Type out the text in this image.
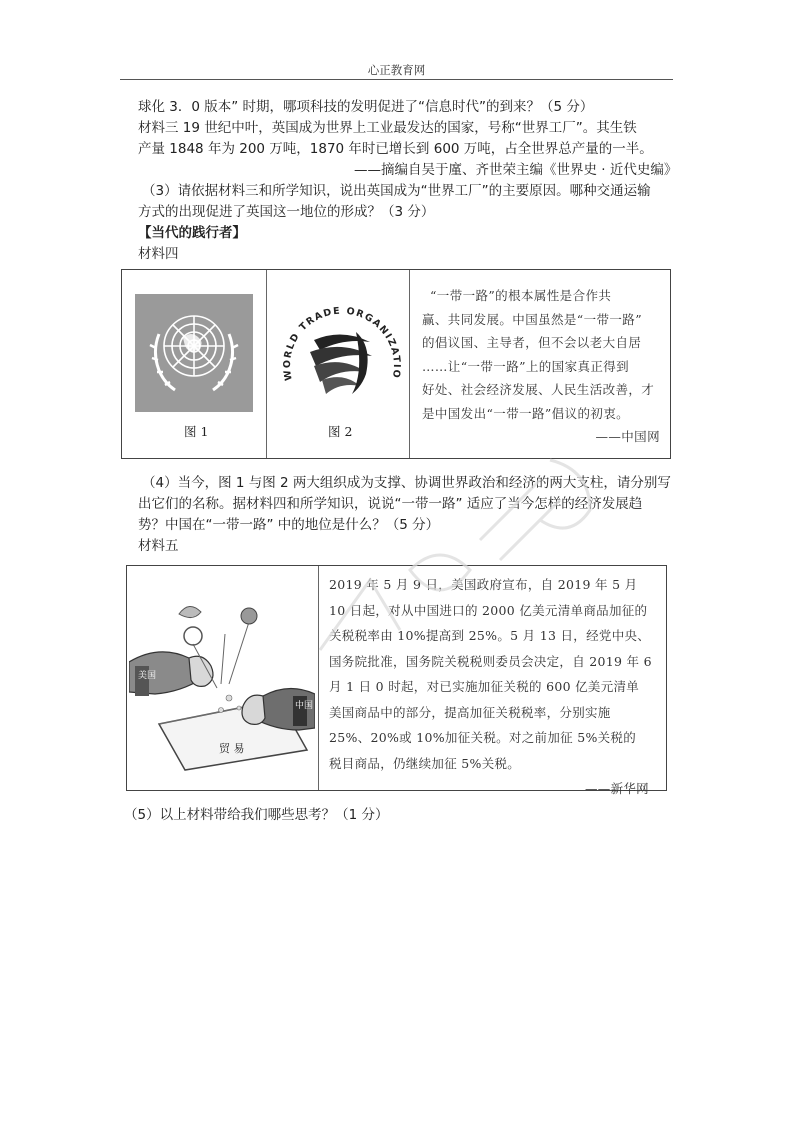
心正教育网
球化 3．0 版本” 时期，哪项科技的发明促进了“信息时代”的到来？（5 分）
材料三 19 世纪中叶，英国成为世界上工业最发达的国家，号称“世界工厂”。其生铁
产量 1848 年为 200 万吨，1870 年时已增长到 600 万吨，占全世界总产量的一半。
——摘编自吴于廑、齐世荣主编《世界史 · 近代史编》
（3）请依据材料三和所学知识，说出英国成为“世界工厂”的主要原因。哪种交通运输
方式的出现促进了英国这一地位的形成？（3 分）
【当代的践行者】
材料四
图 1
WORLD TRADE ORGANIZATIO
图 2
“一带一路”的根本属性是合作共
赢、共同发展。中国虽然是“一带一路”
的倡议国、主导者，但不会以老大自居
……让“一带一路”上的国家真正得到
好处、社会经济发展、人民生活改善，才
是中国发出“一带一路”倡议的初衷。
——中国网
（4）当今，图 1 与图 2 两大组织成为支撑、协调世界政治和经济的两大支柱，请分别写
出它们的名称。据材料四和所学知识，说说“一带一路” 适应了当今怎样的经济发展趋
势？中国在“一带一路” 中的地位是什么？（5 分）
材料五
美国
中国
贸 易
2019 年 5 月 9 日，美国政府宣布，自 2019 年 5 月
10 日起，对从中国进口的 2000 亿美元清单商品加征的
关税税率由 10%提高到 25%。5 月 13 日，经党中央、
国务院批准，国务院关税税则委员会决定，自 2019 年 6
月 1 日 0 时起，对已实施加征关税的 600 亿美元清单
美国商品中的部分，提高加征关税税率，分别实施
25%、20%或 10%加征关税。对之前加征 5%关税的
税目商品，仍继续加征 5%关税。
——新华网
（5）以上材料带给我们哪些思考？（1 分）
